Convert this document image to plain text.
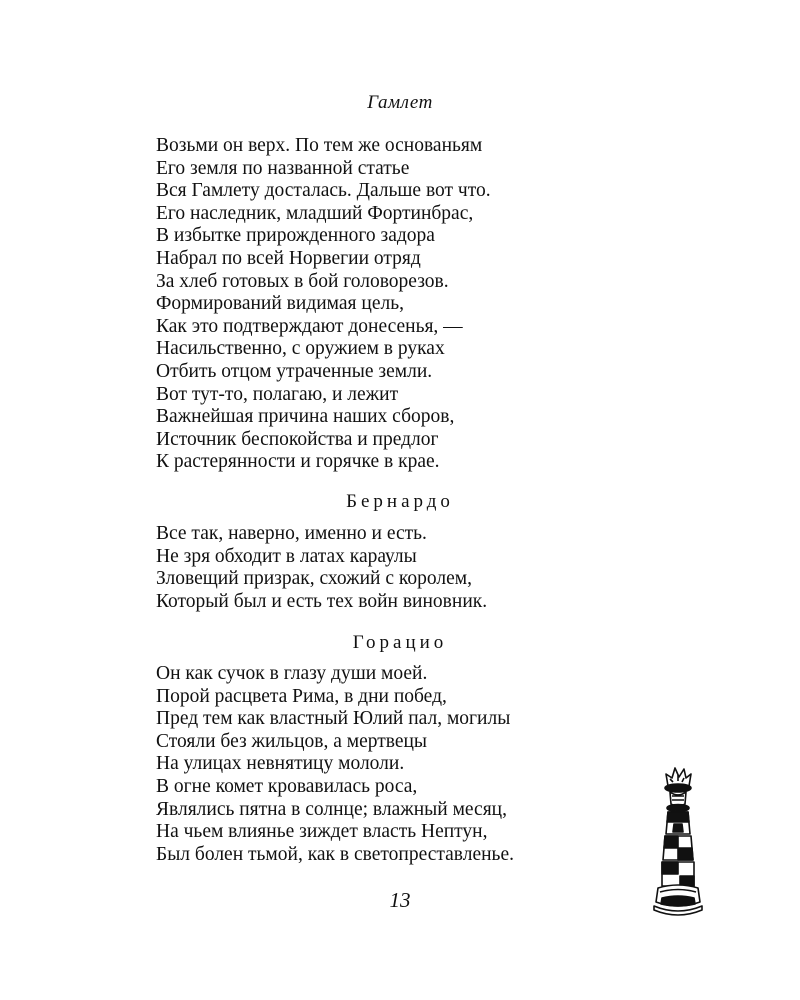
Гамлет
Возьми он верх. По тем же основаньям
Его земля по названной статье
Вся Гамлету досталась. Дальше вот что.
Его наследник, младший Фортинбрас,
В избытке прирожденного задора
Набрал по всей Норвегии отряд
За хлеб готовых в бой головорезов.
Формирований видимая цель,
Как это подтверждают донесенья, —
Насильственно, с оружием в руках
Отбить отцом утраченные земли.
Вот тут-то, полагаю, и лежит
Важнейшая причина наших сборов,
Источник беспокойства и предлог
К растерянности и горячке в крае.
Бернардо
Все так, наверно, именно и есть.
Не зря обходит в латах караулы
Зловещий призрак, схожий с королем,
Который был и есть тех войн виновник.
Горацио
Он как сучок в глазу души моей.
Порой расцвета Рима, в дни побед,
Пред тем как властный Юлий пал, могилы
Стояли без жильцов, а мертвецы
На улицах невнятицу мололи.
В огне комет кровавилась роса,
Являлись пятна в солнце; влажный месяц,
На чьем влиянье зиждет власть Нептун,
Был болен тьмой, как в светопреставленье.
13
